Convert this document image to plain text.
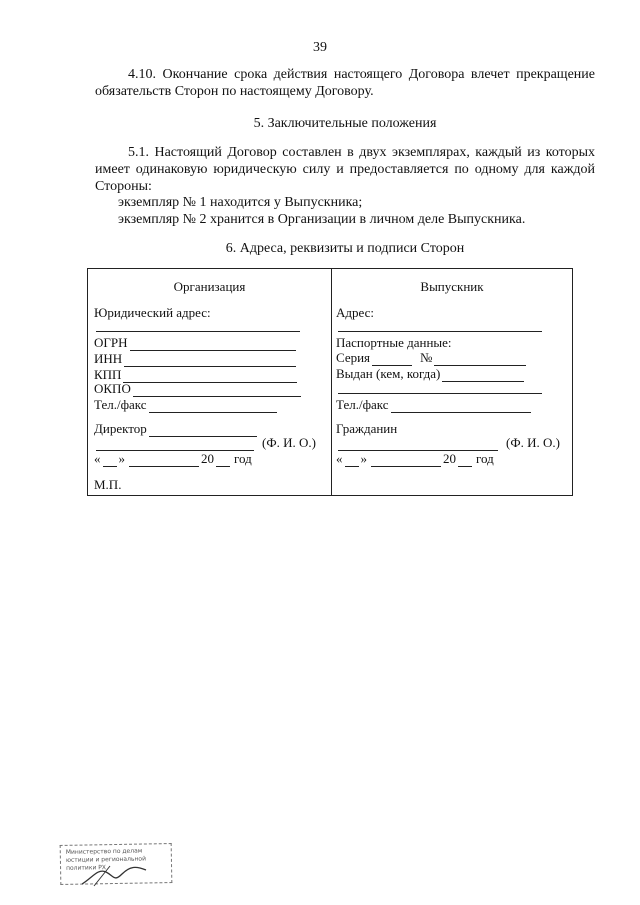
39
4.10. Окончание срока действия настоящего Договора влечет прекращение
обязательств Сторон по настоящему Договору.
5. Заключительные положения
5.1. Настоящий Договор составлен в двух экземплярах, каждый из которых имеет одинаковую юридическую силу и предоставляется по одному для каждой Стороны:
экземпляр № 1 находится у Выпускника;
экземпляр № 2 хранится в Организации в личном деле Выпускника.
6. Адреса, реквизиты и подписи Сторон
Организация
Юридический адрес:
ОГРН
ИНН
КПП
ОКПО
Тел./факс
Директор
(Ф. И. О.)
« »	20 год
М.П.
Выпускник
Адрес:
Паспортные данные:
Серия	№
Выдан (кем, когда)
Тел./факс
Гражданин
(Ф. И. О.)
« »	20 год
Министерство по делам
юстиции и региональной
политики РХ
